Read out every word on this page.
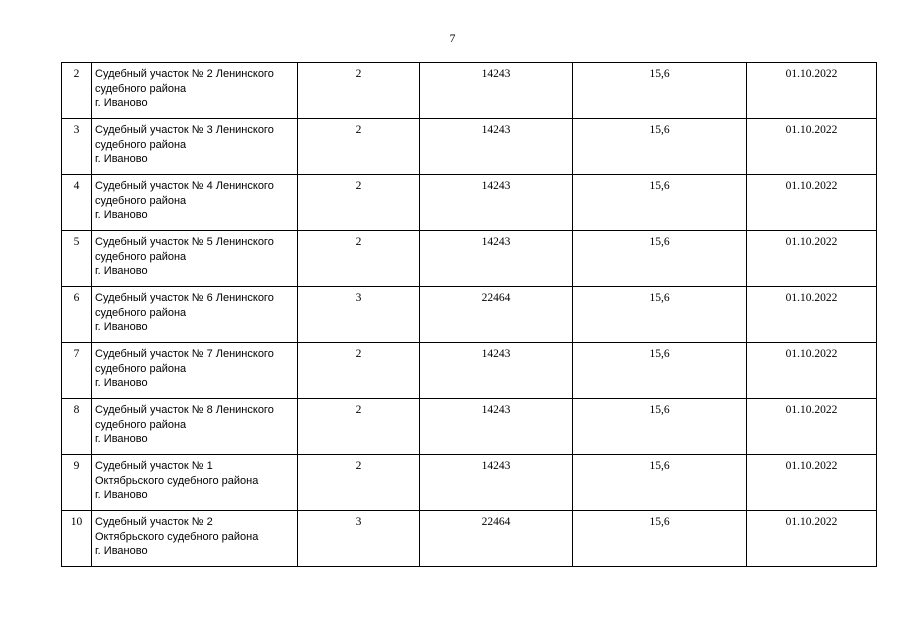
7
2	Судебный участок № 2 Ленинского
судебного района
г. Иваново	2	14243	15,6	01.10.2022
3	Судебный участок № 3 Ленинского
судебного района
г. Иваново	2	14243	15,6	01.10.2022
4	Судебный участок № 4 Ленинского
судебного района
г. Иваново	2	14243	15,6	01.10.2022
5	Судебный участок № 5 Ленинского
судебного района
г. Иваново	2	14243	15,6	01.10.2022
6	Судебный участок № 6 Ленинского
судебного района
г. Иваново	3	22464	15,6	01.10.2022
7	Судебный участок № 7 Ленинского
судебного района
г. Иваново	2	14243	15,6	01.10.2022
8	Судебный участок № 8 Ленинского
судебного района
г. Иваново	2	14243	15,6	01.10.2022
9	Судебный участок № 1
Октябрьского судебного района
г. Иваново	2	14243	15,6	01.10.2022
10	Судебный участок № 2
Октябрьского судебного района
г. Иваново	3	22464	15,6	01.10.2022
